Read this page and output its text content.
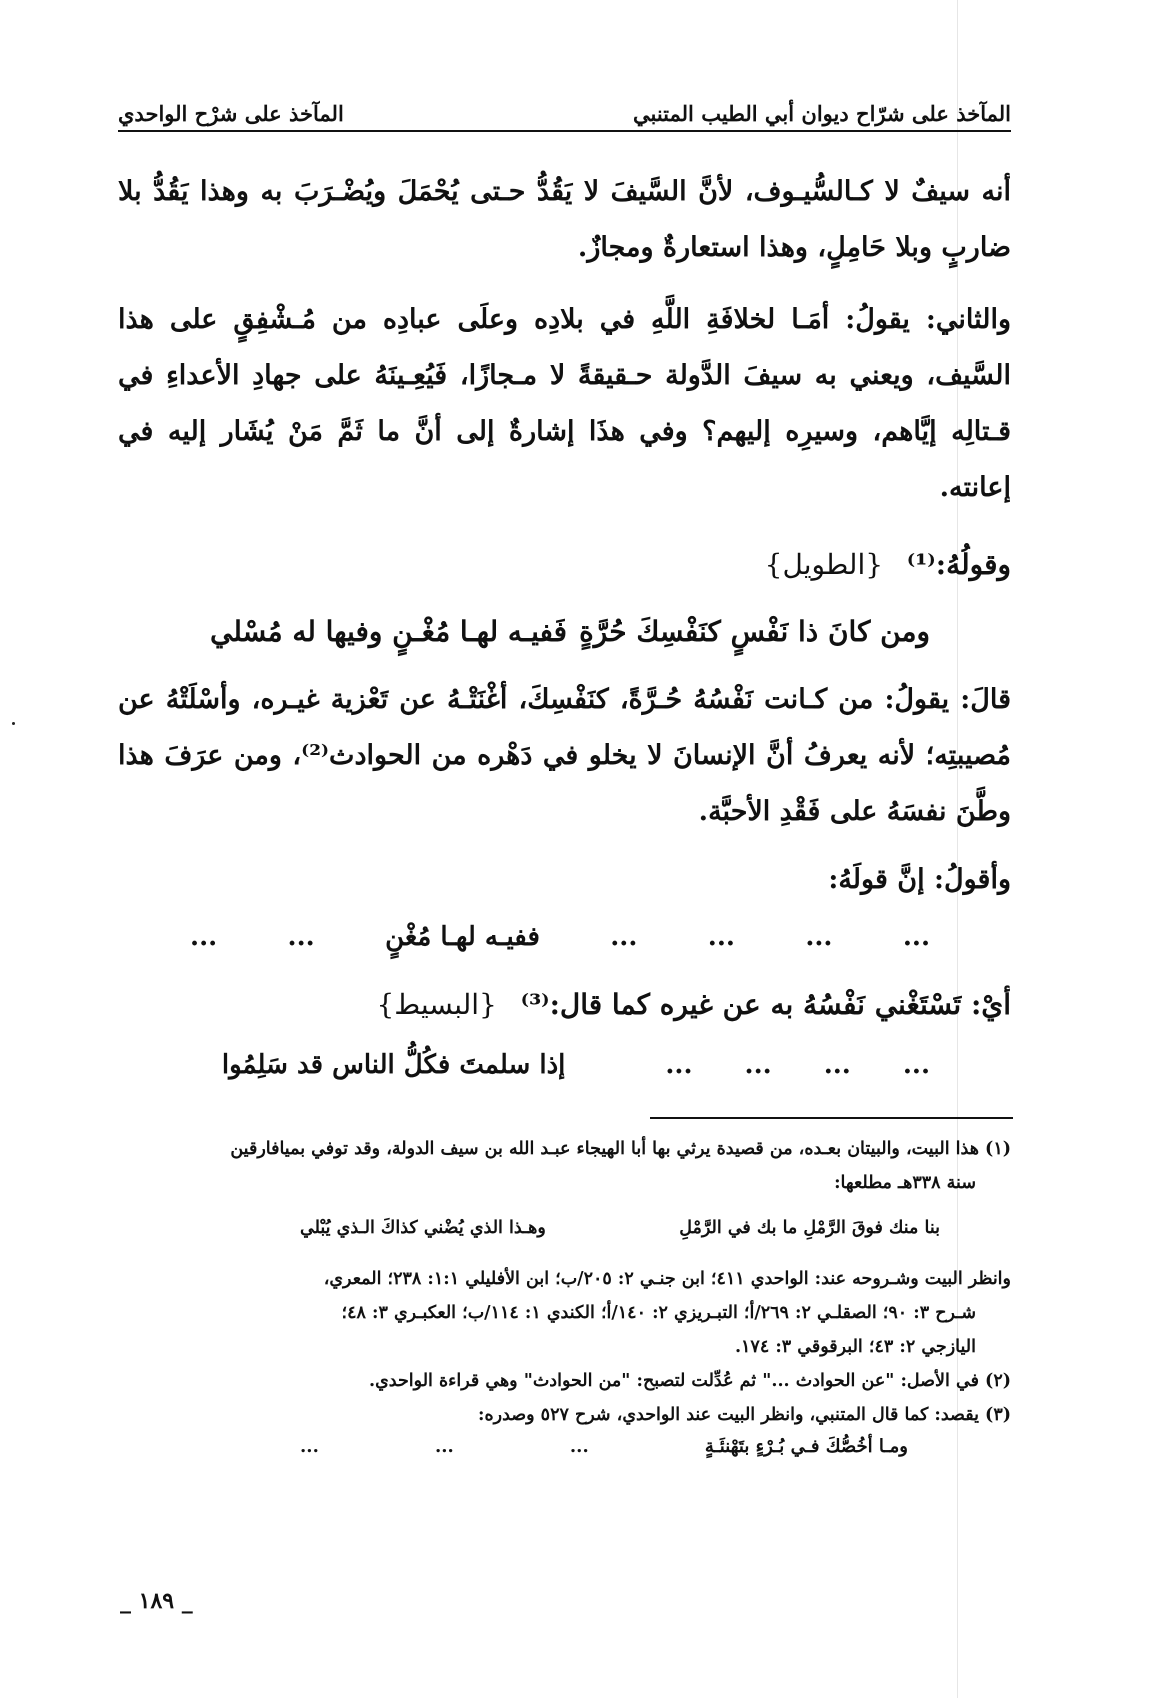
المآخذ على شرّاح ديوان أبي الطيب المتنبي
المآخذ على شرْح الواحدي

أنه سيفٌ لا كـالسُّيـوف، لأنَّ السَّيفَ لا يَقُدُّ حـتى يُحْمَلَ ويُضْـرَبَ به وهذا يَقُدُّ بلا ضاربٍ وبلا حَامِلٍ، وهذا استعارةٌ ومجازٌ.

والثاني: يقولُ: أمَـا لخلافَةِ اللَّهِ في بلادِه وعلَى عبادِه من مُـشْفِقٍ على هذا السَّيف، ويعني به سيفَ الدَّولة حـقيقةً لا مـجازًا، فَيُعِـينَهُ على جهادِ الأعداءِ في قـتالِه إيَّاهم، وسيرِه إليهم؟ وفي هذَا إشارةٌ إلى أنَّ ما ثَمَّ مَنْ يُشَار إليه في إعانته.

وقولُهُ:⁽¹⁾ {الطويل}
ومن كانَ ذا نَفْسٍ كنَفْسِكَ حُرَّةٍ
فَفيـه لهـا مُغْـنٍ وفيها له مُسْلي

قالَ: يقولُ: من كـانت نَفْسُهُ حُـرَّةً، كنَفْسِكَ، أغْنَتْـهُ عن تَعْزية غيـره، وأسْلَتْهُ عن مُصيبتِه؛ لأنه يعرفُ أنَّ الإنسانَ لا يخلو في دَهْره من الحوادث⁽²⁾، ومن عرَفَ هذا وطَّنَ نفسَهُ على فَقْدِ الأحبَّة.

وأقولُ: إنَّ قولَهُ:

...
...
...
...
ففيـه لهـا مُغْنٍ
...
...
أيْ: تَسْتَغْني نَفْسُهُ به عن غيره كما قال:⁽³⁾ {البسيط}
...
...
...
...
إذا سلمتَ فكُلُّ الناس قد سَلِمُوا

(١) هذا البيت، والبيتان بعـده، من قصيدة يرثي بها أبا الهيجاء عبـد الله بن سيف الدولة، وقد توفي بميافارقين

سنة ٣٣٨هـ مطلعها:

بنا منك فوقَ الرَّمْلِ ما بك في الرَّمْلِ
وهـذا الذي يُضْني كذاكَ الـذي يُبْلي

وانظر البيت وشـروحه عند: الواحدي ٤١١؛ ابن جنـي ٢: ٢٠٥/ب؛ ابن الأفليلي ١:١: ٢٣٨؛ المعري،

شـرح ٣: ٩٠؛ الصقلـي ٢: ٢٦٩/أ؛ التبـريزي ٢: ١٤٠/أ؛ الكندي ١: ١١٤/ب؛ العكبـري ٣: ٤٨؛

اليازجي ٢: ٤٣؛ البرقوقي ٣: ١٧٤.

(٢) في الأصل: "عن الحوادث ..." ثم عُدِّلت لتصبح: "من الحوادث" وهي قراءة الواحدي.

(٣) يقصد: كما قال المتنبي، وانظر البيت عند الواحدي، شرح ٥٢٧ وصدره:

ومـا أخُصُّكَ فـي بُـرْءٍ بتَهْنئَـةٍ
...
...
...
_ ١٨٩ _
